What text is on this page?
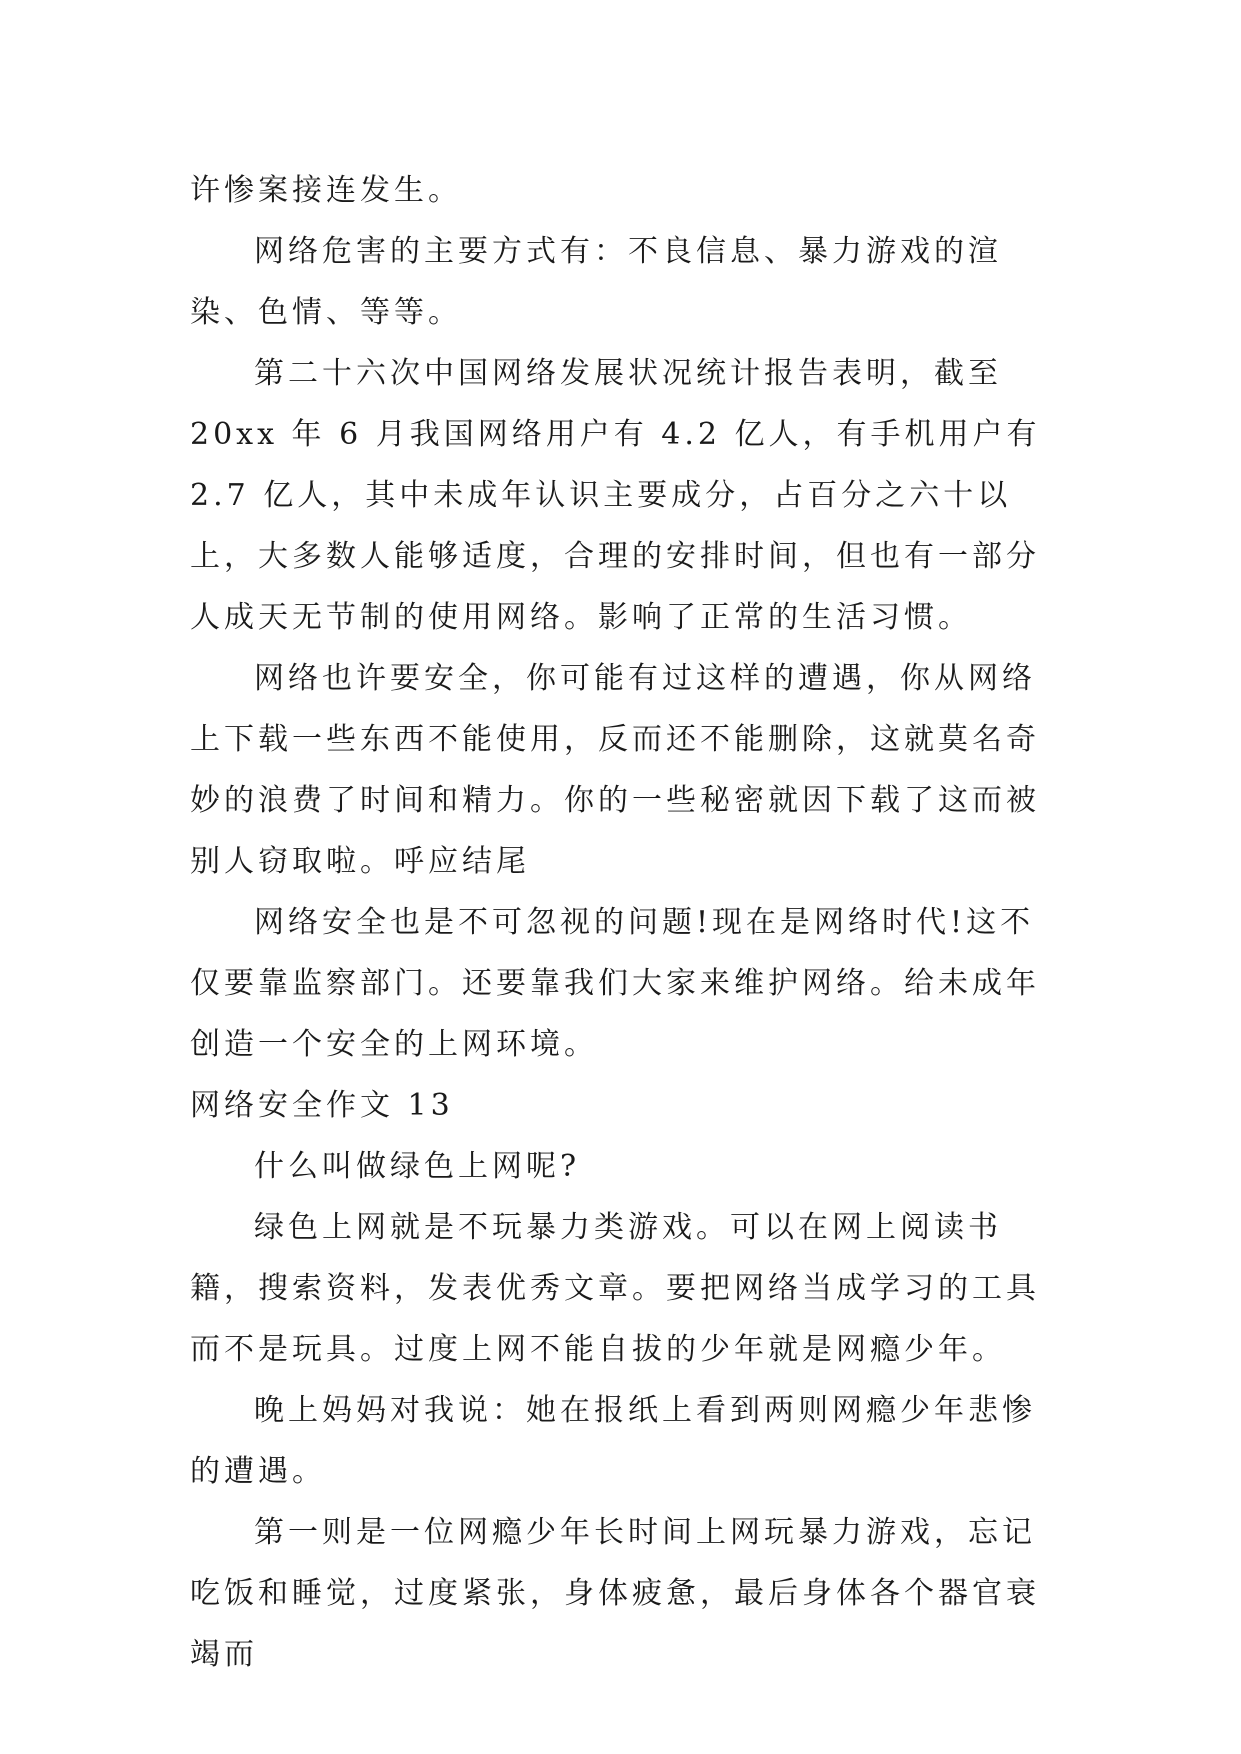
许惨案接连发生。

网络危害的主要方式有：不良信息、暴力游戏的渲染、色情、等等。

第二十六次中国网络发展状况统计报告表明，截至 20xx 年 6 月我国网络用户有 4.2 亿人，有手机用户有 2.7 亿人，其中未成年认识主要成分，占百分之六十以上，大多数人能够适度，合理的安排时间，但也有一部分人成天无节制的使用网络。影响了正常的生活习惯。

网络也许要安全，你可能有过这样的遭遇，你从网络上下载一些东西不能使用，反而还不能删除，这就莫名奇妙的浪费了时间和精力。你的一些秘密就因下载了这而被别人窃取啦。呼应结尾

网络安全也是不可忽视的问题!现在是网络时代!这不仅要靠监察部门。还要靠我们大家来维护网络。给未成年创造一个安全的上网环境。

网络安全作文 13

什么叫做绿色上网呢?

绿色上网就是不玩暴力类游戏。可以在网上阅读书籍，搜索资料，发表优秀文章。要把网络当成学习的工具而不是玩具。过度上网不能自拔的少年就是网瘾少年。

晚上妈妈对我说：她在报纸上看到两则网瘾少年悲惨的遭遇。

第一则是一位网瘾少年长时间上网玩暴力游戏，忘记吃饭和睡觉，过度紧张，身体疲惫，最后身体各个器官衰竭而
